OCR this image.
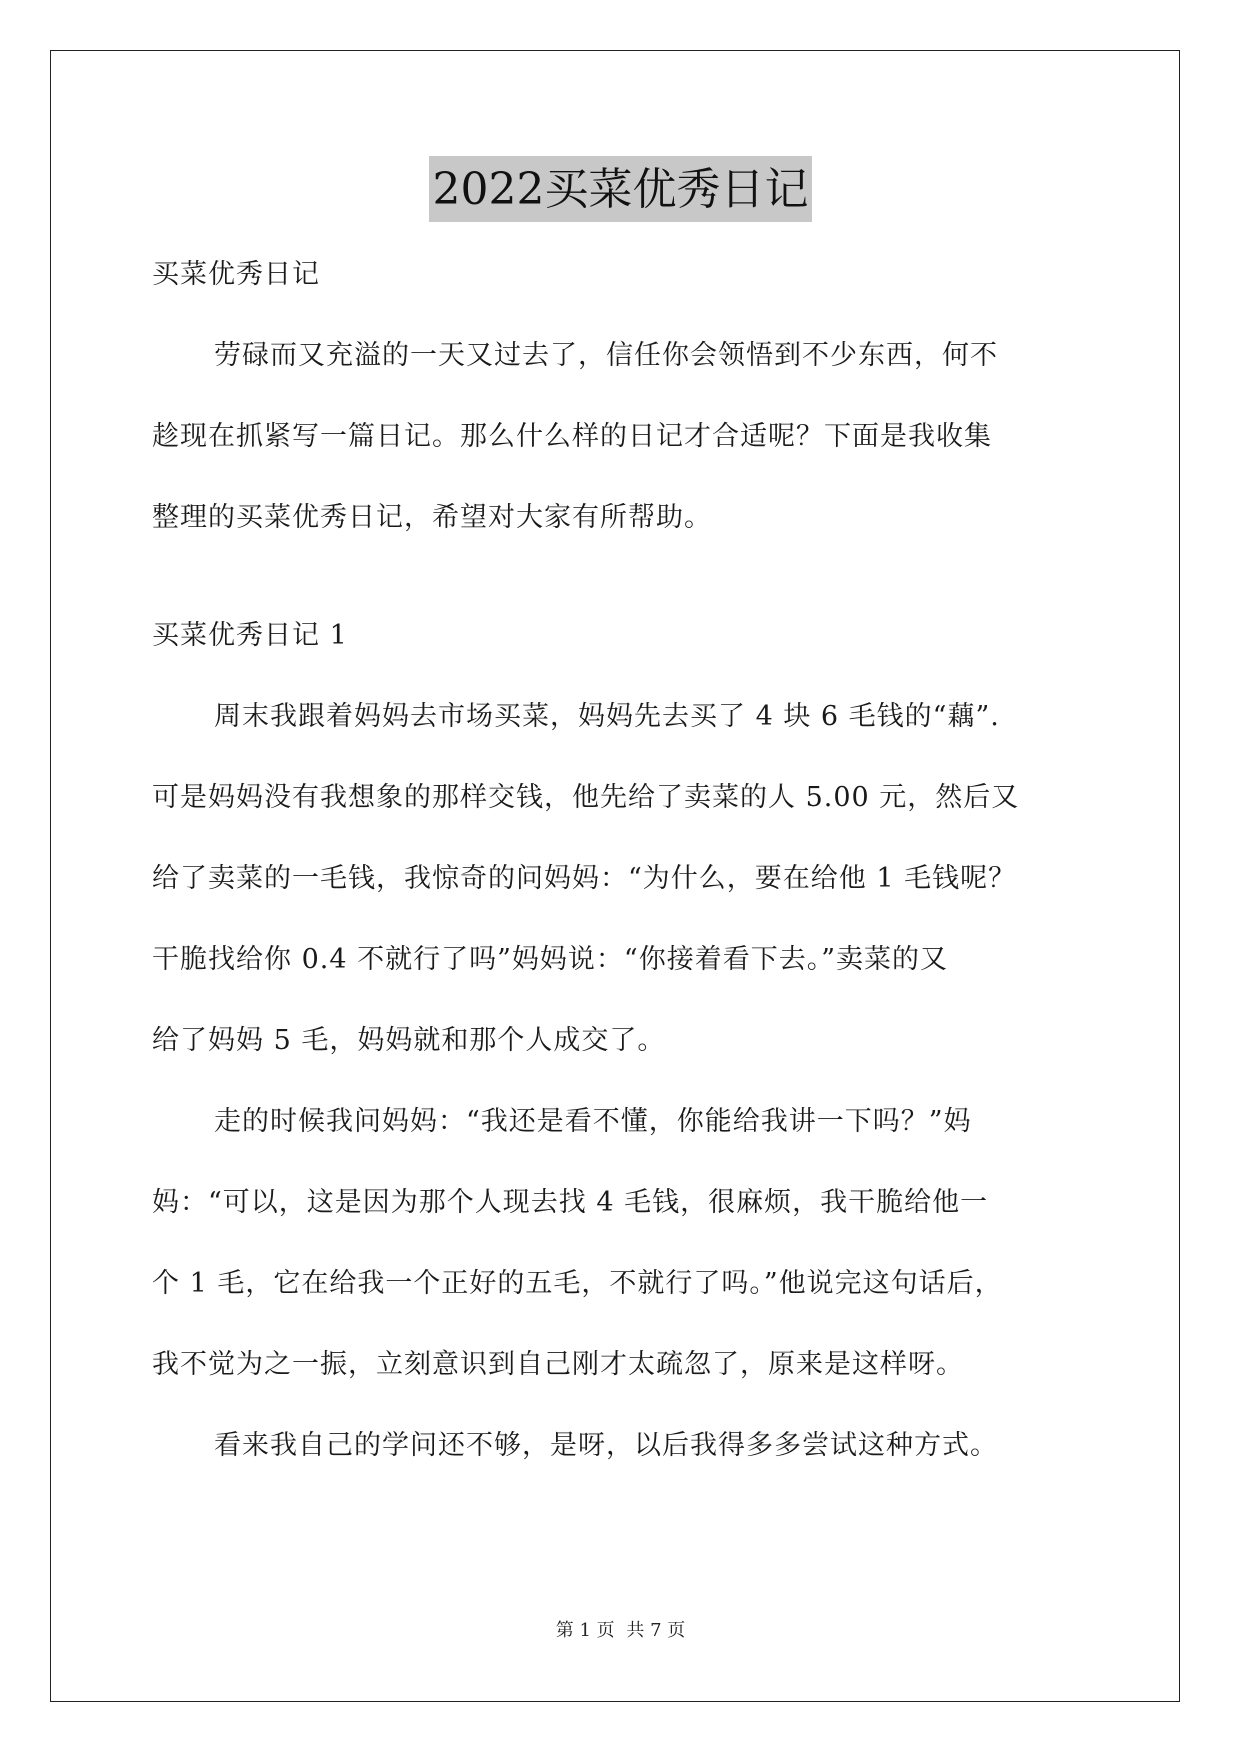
2022买菜优秀日记
买菜优秀日记
劳碌而又充溢的一天又过去了，信任你会领悟到不少东西，何不
趁现在抓紧写一篇日记。那么什么样的日记才合适呢？下面是我收集
整理的买菜优秀日记，希望对大家有所帮助。
买菜优秀日记 1
周末我跟着妈妈去市场买菜，妈妈先去买了 4 块 6 毛钱的“藕”.
可是妈妈没有我想象的那样交钱，他先给了卖菜的人 5.00 元，然后又
给了卖菜的一毛钱，我惊奇的问妈妈：“为什么，要在给他 1 毛钱呢？
干脆找给你 0.4 不就行了吗”妈妈说：“你接着看下去。”卖菜的又
给了妈妈 5 毛，妈妈就和那个人成交了。
走的时候我问妈妈：“我还是看不懂，你能给我讲一下吗？”妈
妈：“可以，这是因为那个人现去找 4 毛钱，很麻烦，我干脆给他一
个 1 毛，它在给我一个正好的五毛，不就行了吗。”他说完这句话后，
我不觉为之一振，立刻意识到自己刚才太疏忽了，原来是这样呀。
看来我自己的学问还不够，是呀，以后我得多多尝试这种方式。
第 1 页 共 7 页
